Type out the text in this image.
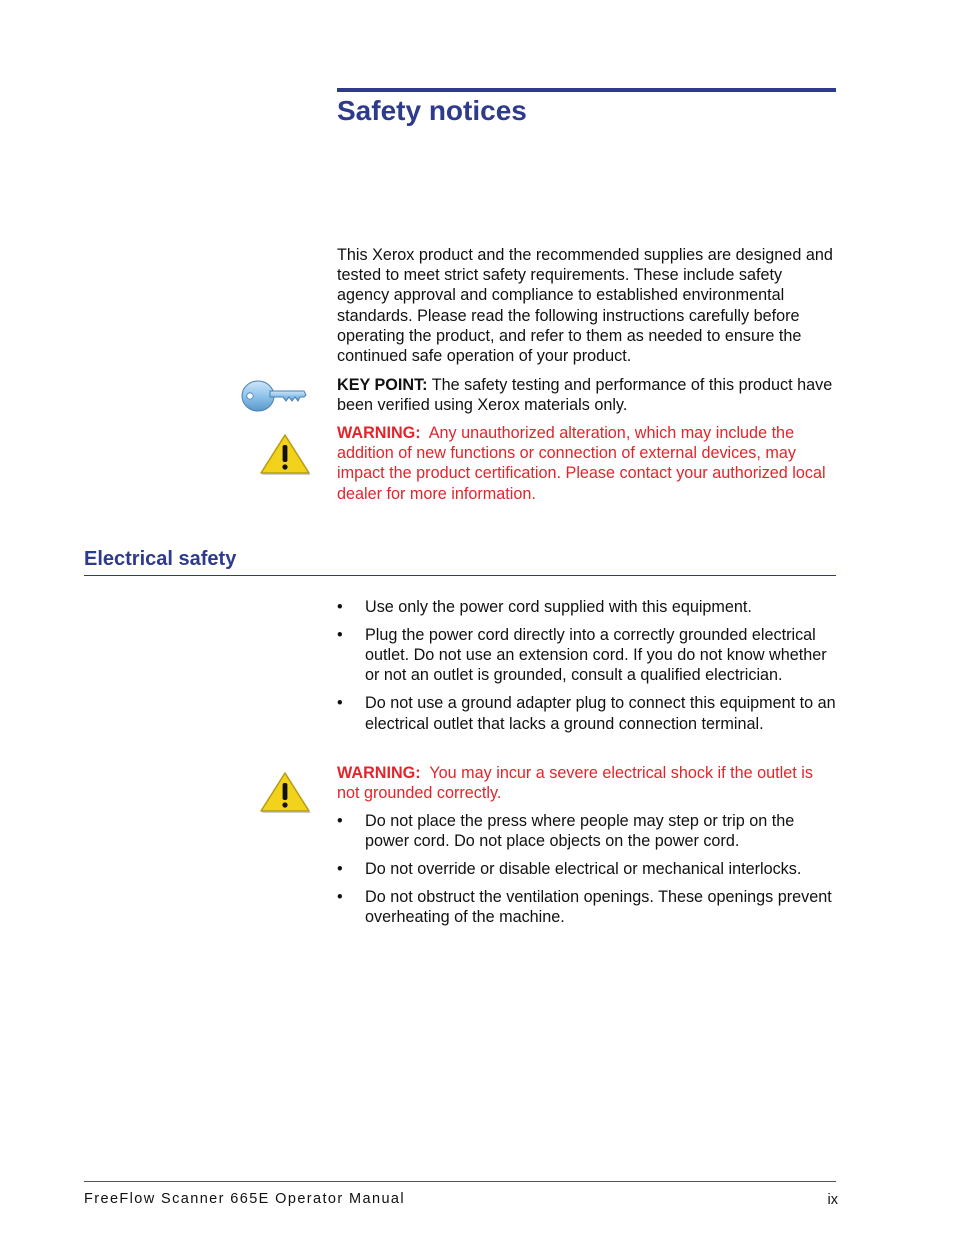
Safety notices

This Xerox product and the recommended supplies are designed and tested to meet strict safety requirements. These include safety agency approval and compliance to established environmental standards. Please read the following instructions carefully before operating the product, and refer to them as needed to ensure the continued safe operation of your product.

KEY POINT: The safety testing and performance of this product have been verified using Xerox materials only.

WARNING: Any unauthorized alteration, which may include the addition of new functions or connection of external devices, may impact the product certification. Please contact your authorized local dealer for more information.

Electrical safety
• Use only the power cord supplied with this equipment.
• Plug the power cord directly into a correctly grounded electrical outlet. Do not use an extension cord. If you do not know whether or not an outlet is grounded, consult a qualified electrician.
• Do not use a ground adapter plug to connect this equipment to an electrical outlet that lacks a ground connection terminal.

WARNING: You may incur a severe electrical shock if the outlet is not grounded correctly.

• Do not place the press where people may step or trip on the power cord. Do not place objects on the power cord.
• Do not override or disable electrical or mechanical interlocks.
• Do not obstruct the ventilation openings. These openings prevent overheating of the machine.
FreeFlow Scanner 665E Operator Manual	ix
